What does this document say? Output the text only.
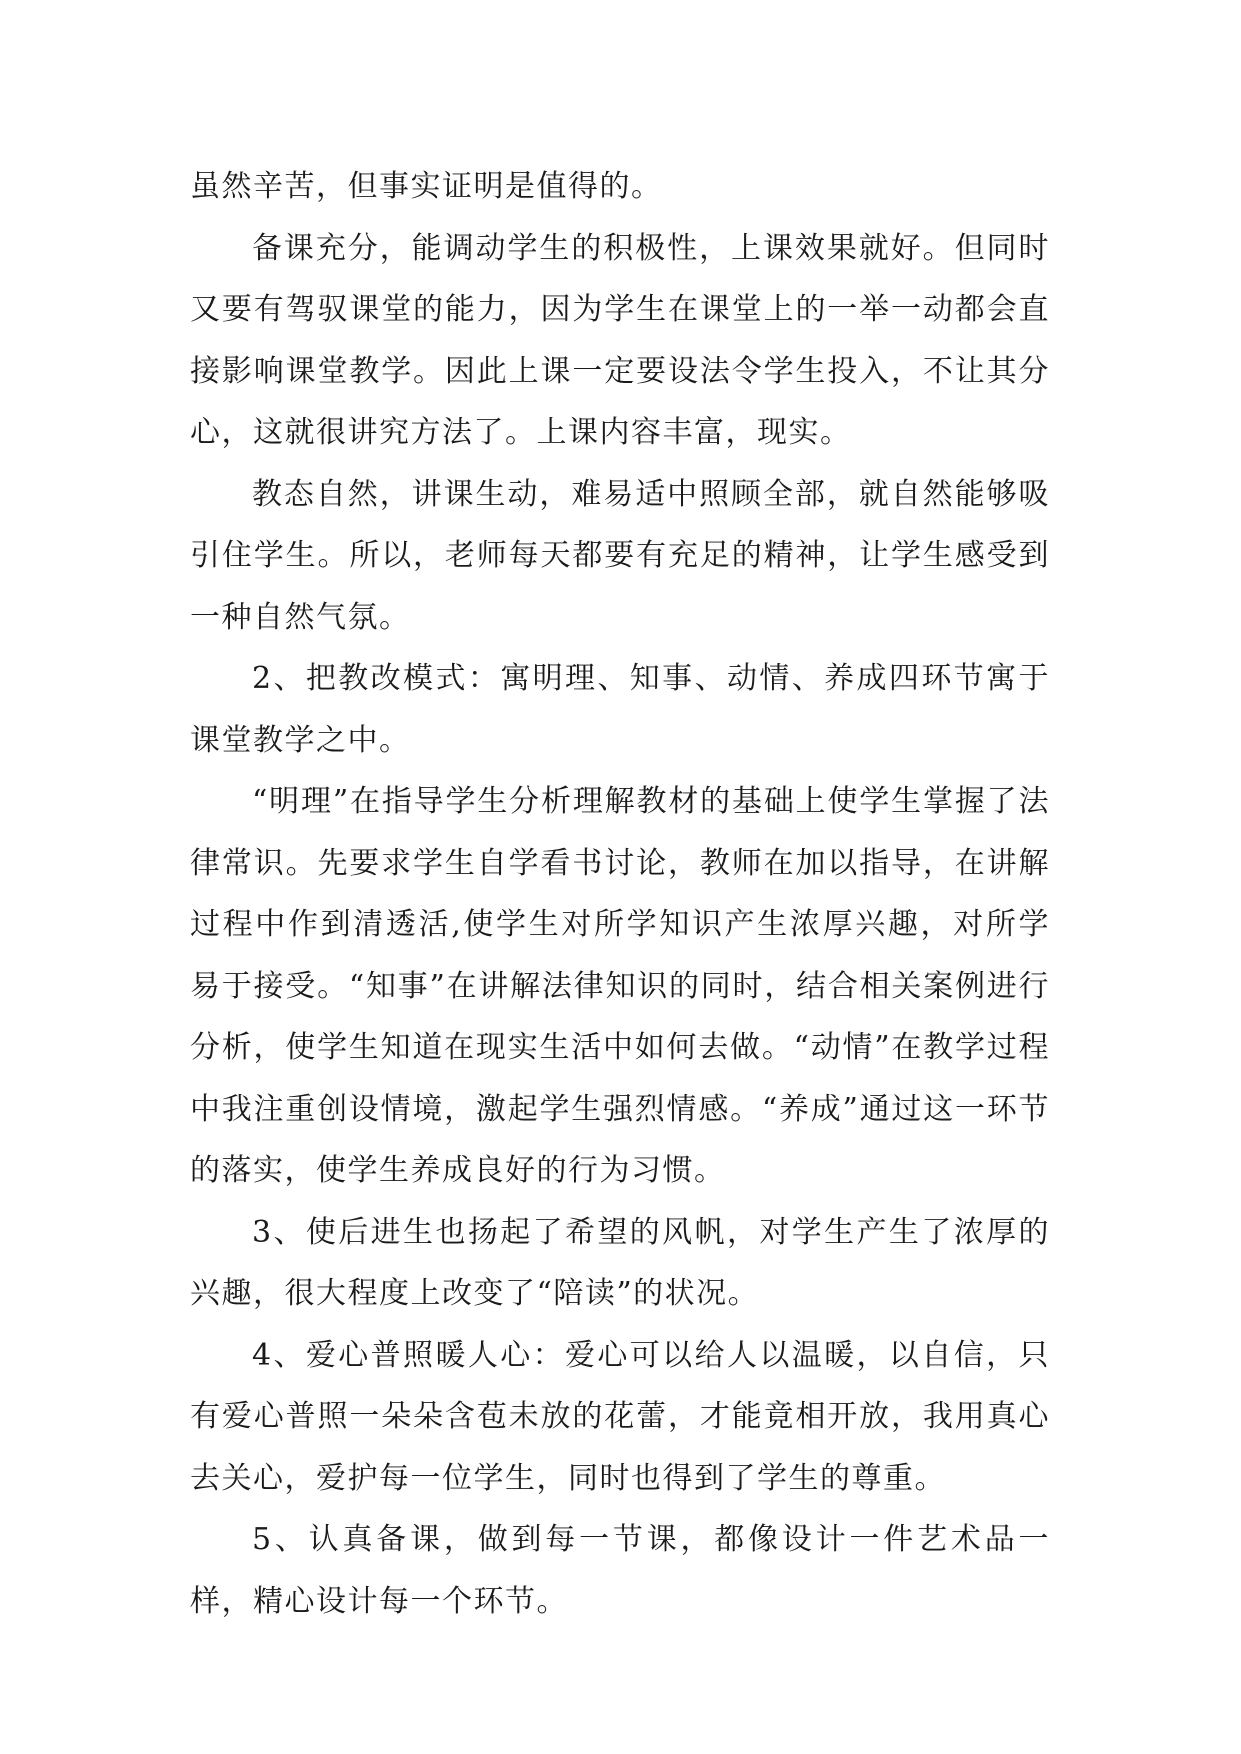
虽然辛苦，但事实证明是值得的。

备课充分，能调动学生的积极性，上课效果就好。但同时又要有驾驭课堂的能力，因为学生在课堂上的一举一动都会直接影响课堂教学。因此上课一定要设法令学生投入，不让其分心，这就很讲究方法了。上课内容丰富，现实。

教态自然，讲课生动，难易适中照顾全部，就自然能够吸引住学生。所以，老师每天都要有充足的精神，让学生感受到一种自然气氛。

2、把教改模式：寓明理、知事、动情、养成四环节寓于课堂教学之中。

“明理”在指导学生分析理解教材的基础上使学生掌握了法律常识。先要求学生自学看书讨论，教师在加以指导，在讲解过程中作到清透活,使学生对所学知识产生浓厚兴趣，对所学易于接受。“知事”在讲解法律知识的同时，结合相关案例进行分析，使学生知道在现实生活中如何去做。“动情”在教学过程中我注重创设情境，激起学生强烈情感。“养成”通过这一环节的落实，使学生养成良好的行为习惯。

3、使后进生也扬起了希望的风帆，对学生产生了浓厚的兴趣，很大程度上改变了“陪读”的状况。

4、爱心普照暖人心：爱心可以给人以温暖，以自信，只有爱心普照一朵朵含苞未放的花蕾，才能竟相开放，我用真心去关心，爱护每一位学生，同时也得到了学生的尊重。

5、认真备课，做到每一节课，都像设计一件艺术品一样，精心设计每一个环节。
